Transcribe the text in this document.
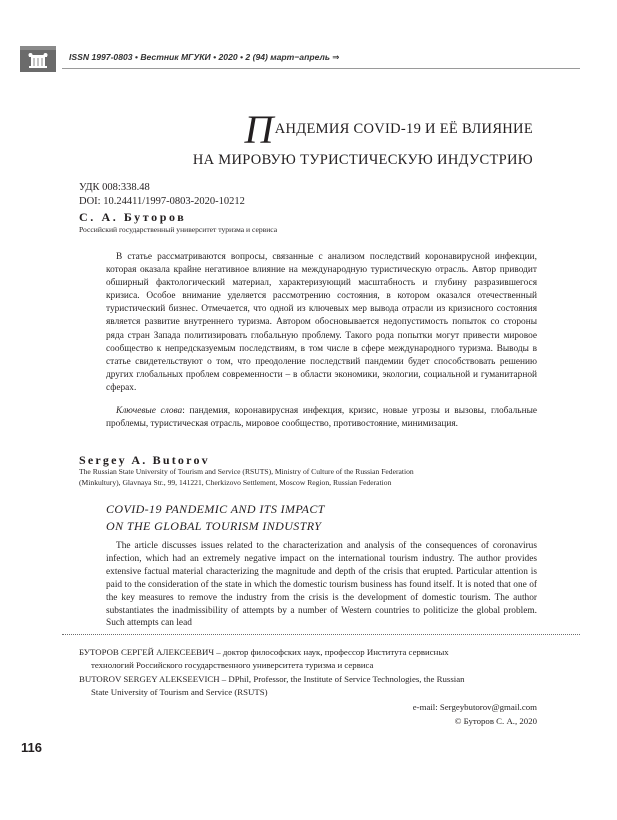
ISSN 1997-0803 • Вестник МГУКИ • 2020 • 2 (94) март−апрель ⇒
ПАНДЕМИЯ COVID-19 И ЕЁ ВЛИЯНИЕ
НА МИРОВУЮ ТУРИСТИЧЕСКУЮ ИНДУСТРИЮ
УДК 008:338.48
DOI: 10.24411/1997-0803-2020-10212
С. А. Буторов
Российский государственный университет туризма и сервиса

В статье рассматриваются вопросы, связанные с анализом последствий коронавирусной инфекции, которая оказала крайне негативное влияние на международную туристическую отрасль. Автор приводит обширный фактологический материал, характеризующий масштабность и глубину разразившегося кризиса. Особое внимание уделяется рассмотрению состояния, в котором оказался отечественный туристический бизнес. Отмечается, что одной из ключевых мер вывода отрасли из кризисного состояния является развитие внутреннего туризма. Автором обосновывается недопустимость попыток со стороны ряда стран Запада политизировать глобальную проблему. Такого рода попытки могут привести мировое сообщество к непредсказуемым последствиям, в том числе в сфере международного туризма. Выводы в статье свидетельствуют о том, что преодоление последствий пандемии будет способствовать решению других глобальных проблем современности – в области экономики, экологии, социальной и гуманитарной сферах.

Ключевые слова: пандемия, коронавирусная инфекция, кризис, новые угрозы и вызовы, глобальные проблемы, туристическая отрасль, мировое сообщество, противостояние, минимизация.

Sergey A. Butorov
The Russian State University of Tourism and Service (RSUTS), Ministry of Culture of the Russian Federation
(Minkultury), Glavnaya Str., 99, 141221, Cherkizovo Settlement, Moscow Region, Russian Federation
COVID-19 PANDEMIC AND ITS IMPACT
ON THE GLOBAL TOURISM INDUSTRY

The article discusses issues related to the characterization and analysis of the consequences of coronavirus infection, which had an extremely negative impact on the international tourism industry. The author provides extensive factual material characterizing the magnitude and depth of the crisis that erupted. Particular attention is paid to the consideration of the state in which the domestic tourism business has found itself. It is noted that one of the key measures to remove the industry from the crisis is the development of domestic tourism. The author substantiates the inadmissibility of attempts by a number of Western countries to politicize the global problem. Such attempts can lead

БУТОРОВ СЕРГЕЙ АЛЕКСЕЕВИЧ – доктор философских наук, профессор Института сервисных
технологий Российского государственного университета туризма и сервиса

BUTOROV SERGEY ALEKSEEVICH – DPhil, Professor, the Institute of Service Technologies, the Russian
State University of Tourism and Service (RSUTS)

e-mail: Sergeybutorov@gmail.com
© Буторов С. А., 2020
116
